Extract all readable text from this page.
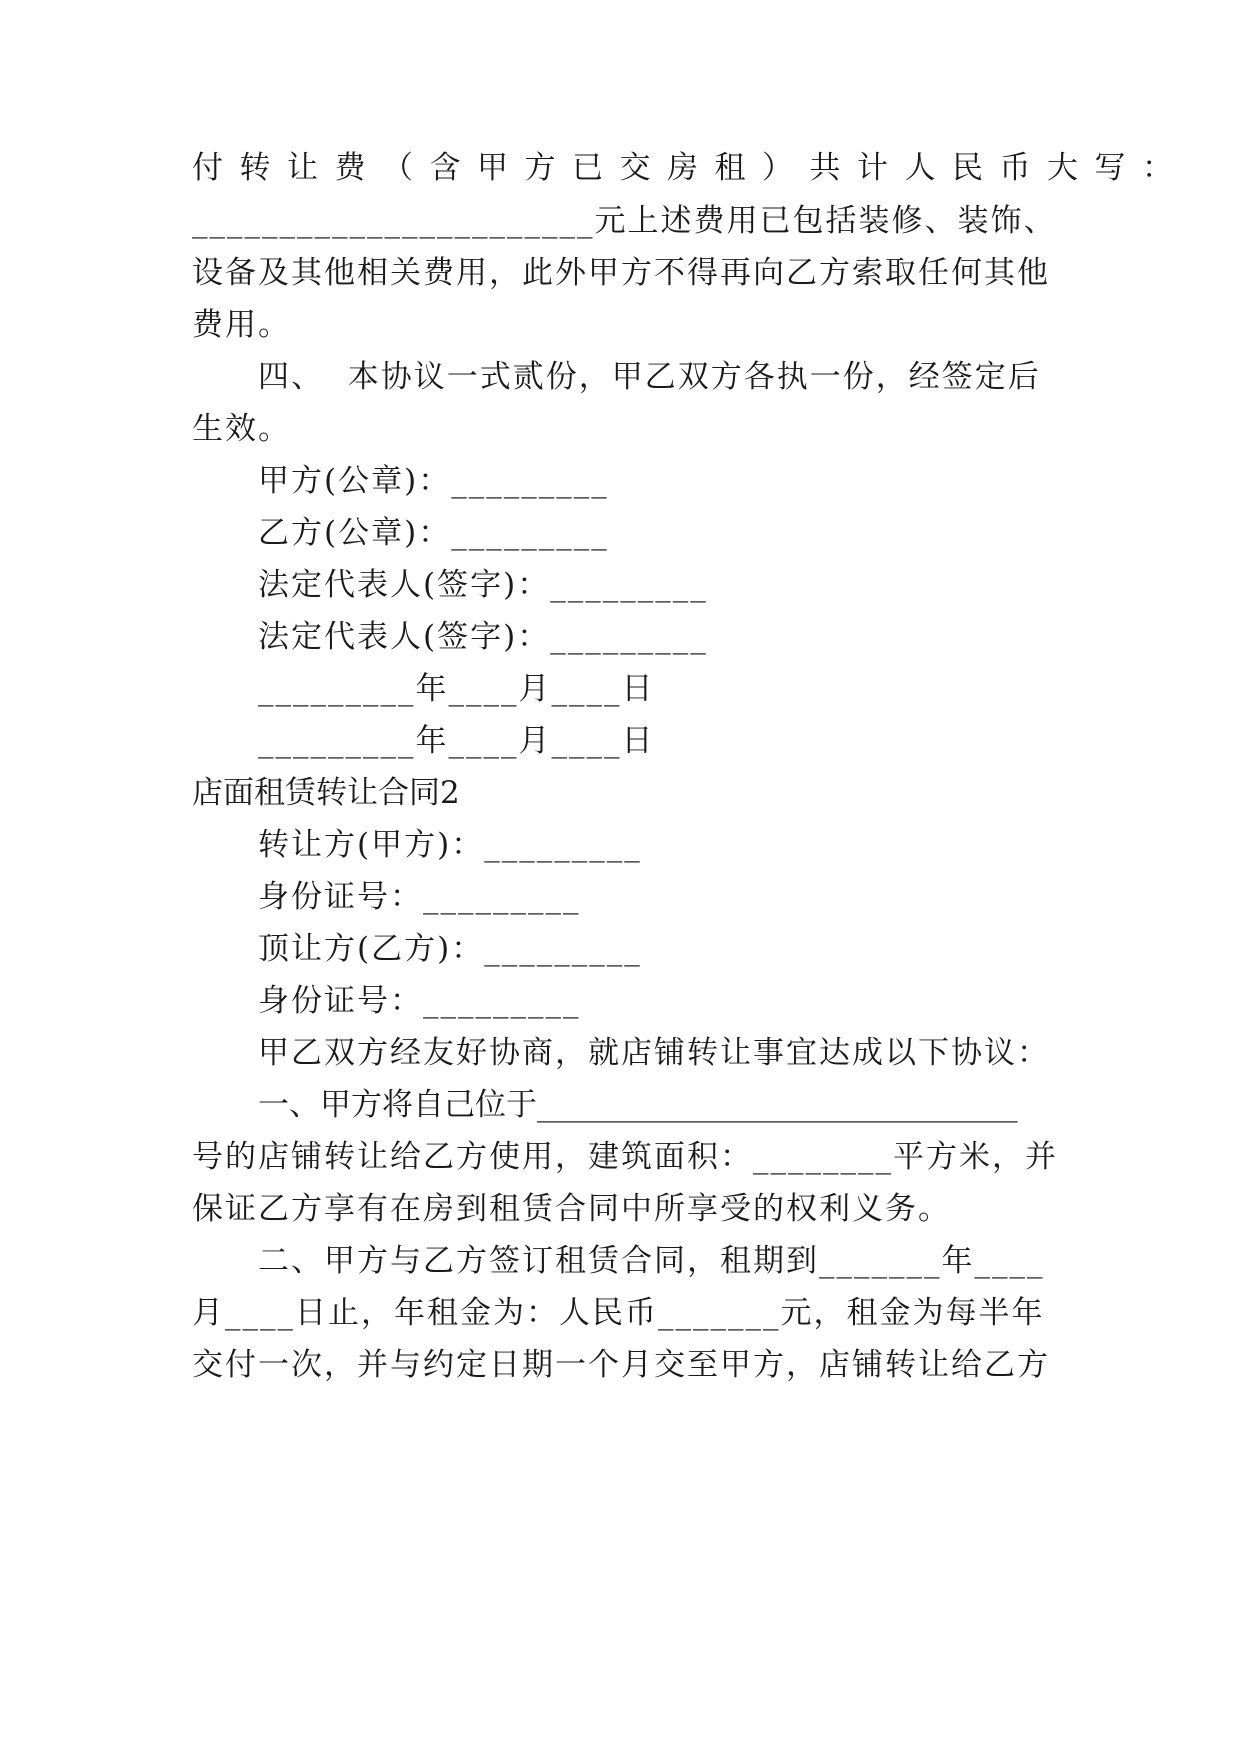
付转让费（含甲方已交房租）共计人民币大写：
_______________________元上述费用已包括装修、装饰、
设备及其他相关费用，此外甲方不得再向乙方索取任何其他
费用。
四、  本协议一式贰份，甲乙双方各执一份，经签定后
生效。
甲方(公章)：_________
乙方(公章)：_________
法定代表人(签字)：_________
法定代表人(签字)：_________
_________年____月____日
_________年____月____日
店面租赁转让合同2
转让方(甲方)：_________
身份证号：_________
顶让方(乙方)：_________
身份证号：_________
甲乙双方经友好协商，就店铺转让事宜达成以下协议：
一、甲方将自己位于_______________________________
号的店铺转让给乙方使用，建筑面积：________平方米，并
保证乙方享有在房到租赁合同中所享受的权利义务。
二、甲方与乙方签订租赁合同，租期到_______年____
月____日止，年租金为：人民币_______元，租金为每半年
交付一次，并与约定日期一个月交至甲方，店铺转让给乙方
